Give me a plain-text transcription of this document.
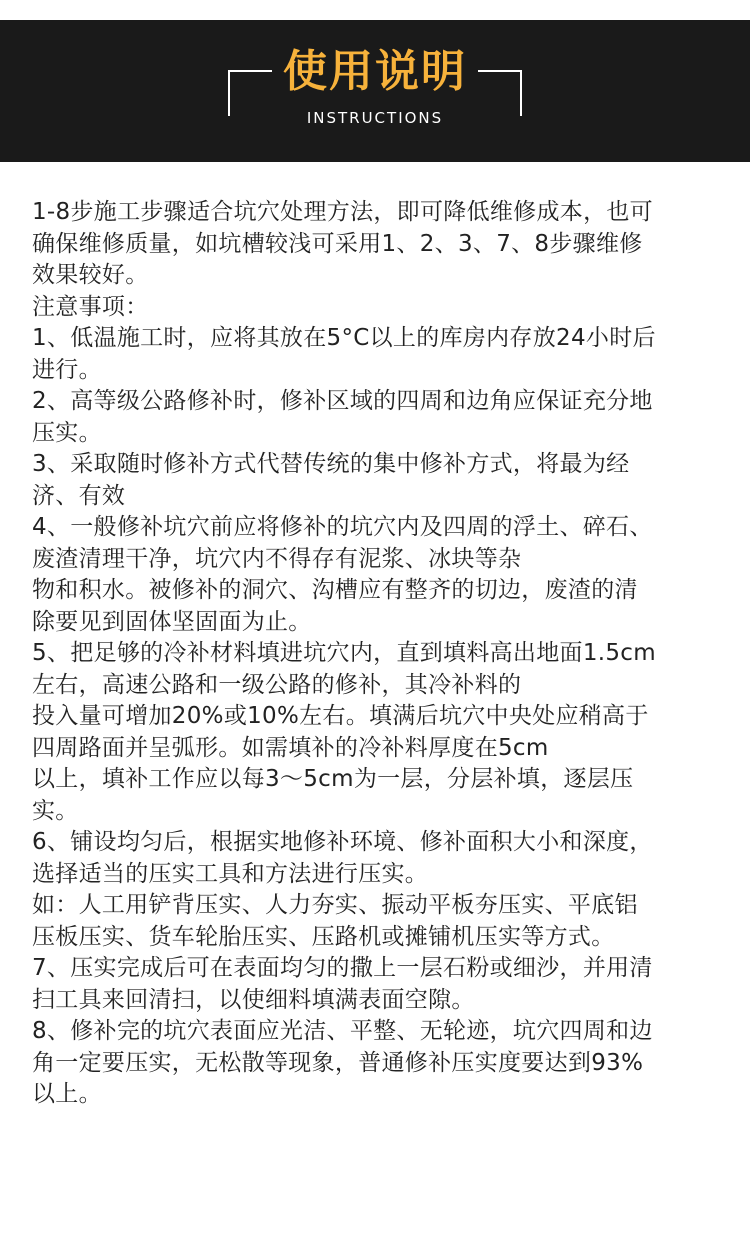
使用说明
INSTRUCTIONS
1-8步施工步骤适合坑穴处理方法，即可降低维修成本，也可
确保维修质量，如坑槽较浅可采用1、2、3、7、8步骤维修
效果较好。
注意事项：
1、低温施工时，应将其放在5°C以上的库房内存放24小时后
进行。
2、高等级公路修补时，修补区域的四周和边角应保证充分地
压实。
3、采取随时修补方式代替传统的集中修补方式，将最为经
济、有效
4、一般修补坑穴前应将修补的坑穴内及四周的浮土、碎石、
废渣清理干净，坑穴内不得存有泥浆、冰块等杂
物和积水。被修补的洞穴、沟槽应有整齐的切边，废渣的清
除要见到固体坚固面为止。
5、把足够的冷补材料填进坑穴内，直到填料高出地面1.5cm
左右，高速公路和一级公路的修补，其冷补料的
投入量可增加20%或10%左右。填满后坑穴中央处应稍高于
四周路面并呈弧形。如需填补的冷补料厚度在5cm
以上，填补工作应以每3～5cm为一层，分层补填，逐层压
实。
6、铺设均匀后，根据实地修补环境、修补面积大小和深度，
选择适当的压实工具和方法进行压实。
如：人工用铲背压实、人力夯实、振动平板夯压实、平底铝
压板压实、货车轮胎压实、压路机或摊铺机压实等方式。
7、压实完成后可在表面均匀的撒上一层石粉或细沙，并用清
扫工具来回清扫，以使细料填满表面空隙。
8、修补完的坑穴表面应光洁、平整、无轮迹，坑穴四周和边
角一定要压实，无松散等现象，普通修补压实度要达到93%
以上。
